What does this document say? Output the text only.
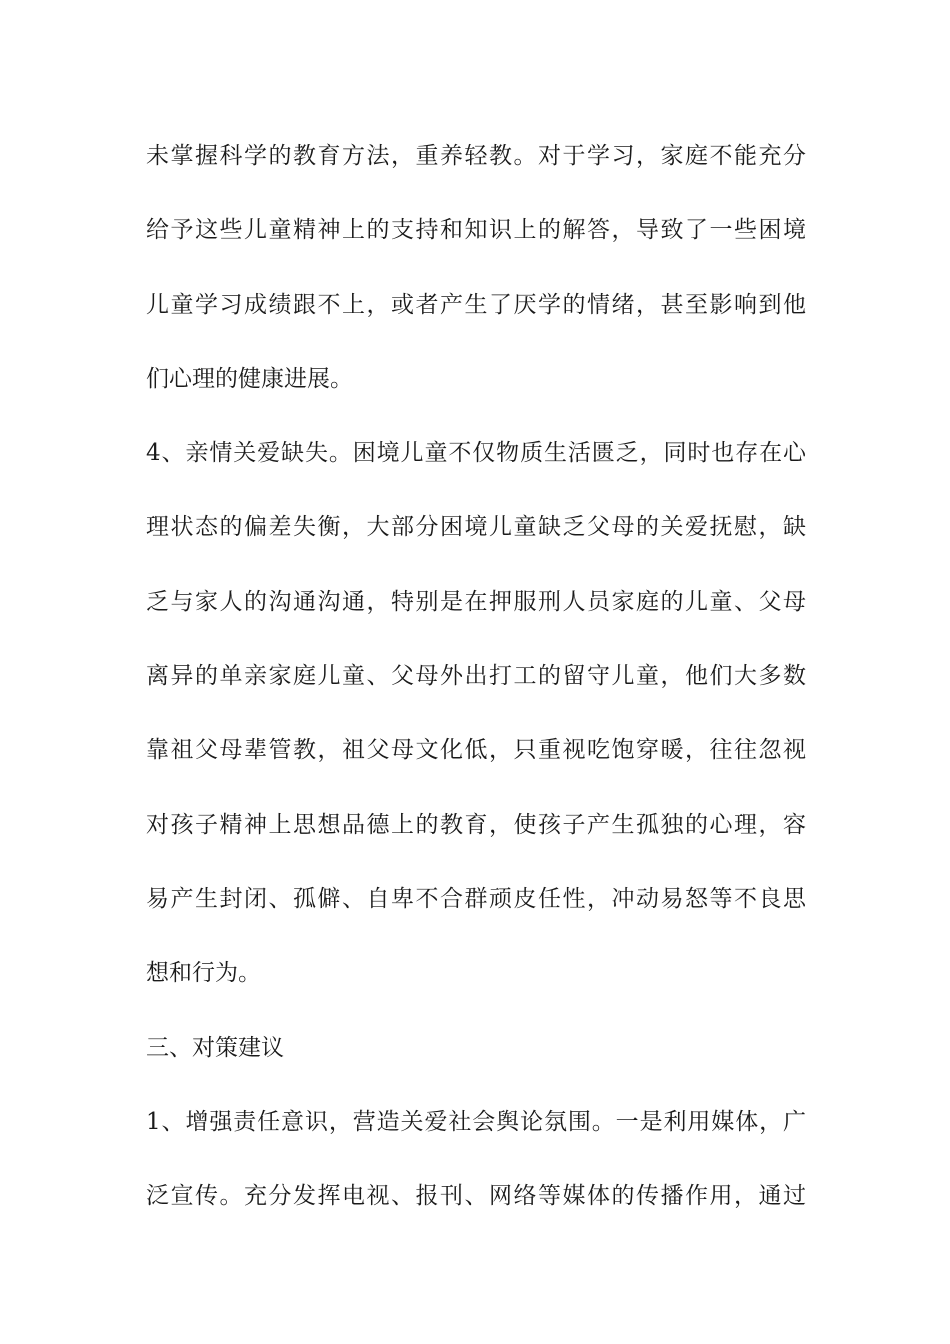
未掌握科学的教育方法，重养轻教。对于学习，家庭不能充分
给予这些儿童精神上的支持和知识上的解答，导致了一些困境
儿童学习成绩跟不上，或者产生了厌学的情绪，甚至影响到他
们心理的健康进展。
4、亲情关爱缺失。困境儿童不仅物质生活匮乏，同时也存在心
理状态的偏差失衡，大部分困境儿童缺乏父母的关爱抚慰，缺
乏与家人的沟通沟通，特别是在押服刑人员家庭的儿童、父母
离异的单亲家庭儿童、父母外出打工的留守儿童，他们大多数
靠祖父母辈管教，祖父母文化低，只重视吃饱穿暖，往往忽视
对孩子精神上思想品德上的教育，使孩子产生孤独的心理，容
易产生封闭、孤僻、自卑不合群顽皮任性，冲动易怒等不良思
想和行为。
三、对策建议
1、增强责任意识，营造关爱社会舆论氛围。一是利用媒体，广
泛宣传。充分发挥电视、报刊、网络等媒体的传播作用，通过
